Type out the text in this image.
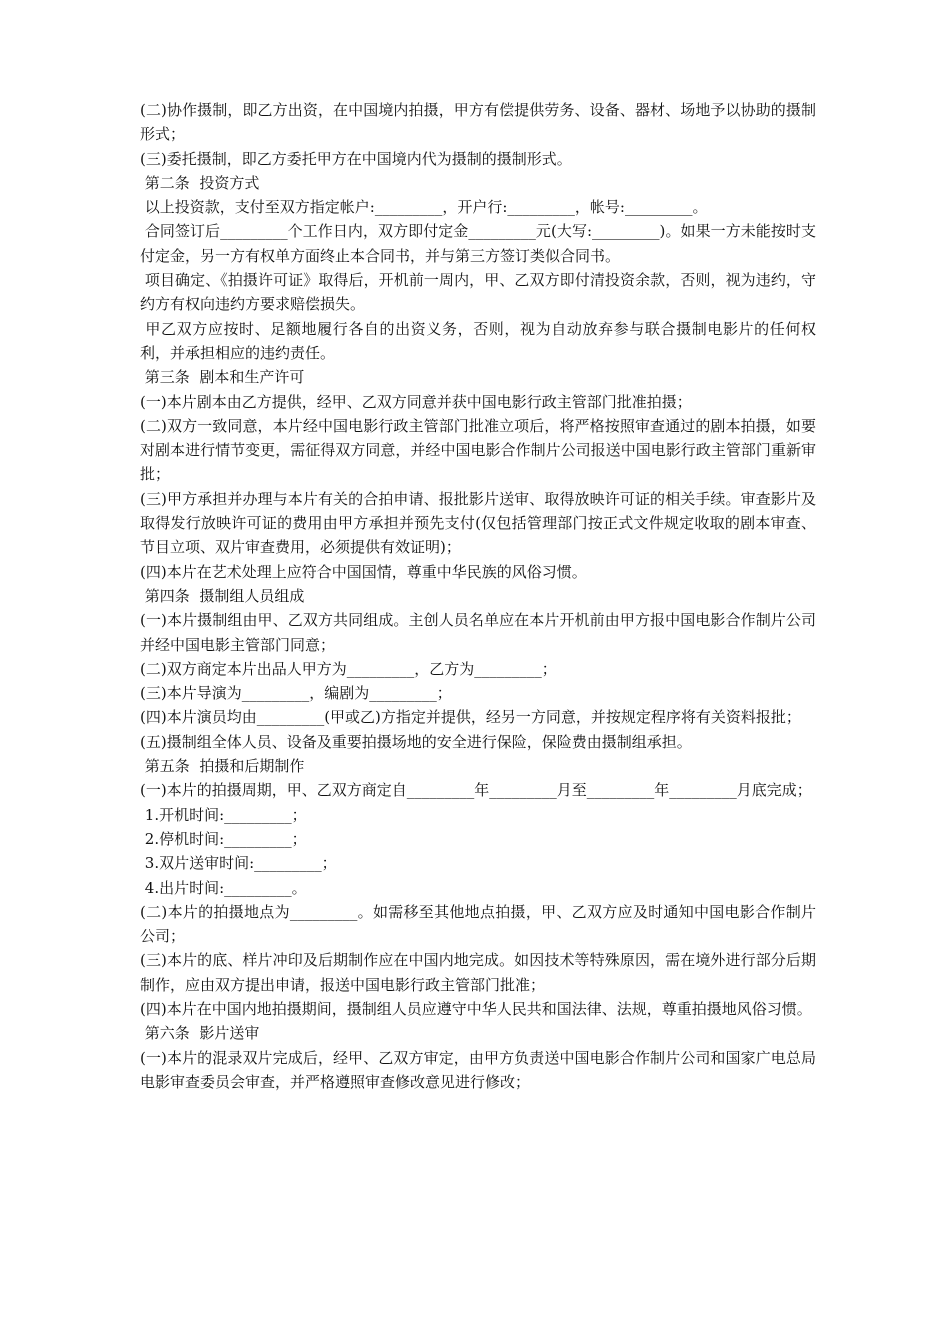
(二)协作摄制，即乙方出资，在中国境内拍摄，甲方有偿提供劳务、设备、器材、场地予以协助的摄制形式；

(三)委托摄制，即乙方委托甲方在中国境内代为摄制的摄制形式。

第二条  投资方式

以上投资款，支付至双方指定帐户:_________，开户行:_________，帐号:_________。

合同签订后_________个工作日内，双方即付定金_________元(大写:_________)。如果一方未能按时支付定金，另一方有权单方面终止本合同书，并与第三方签订类似合同书。

项目确定、《拍摄许可证》取得后，开机前一周内，甲、乙双方即付清投资余款，否则，视为违约，守约方有权向违约方要求赔偿损失。

甲乙双方应按时、足额地履行各自的出资义务，否则，视为自动放弃参与联合摄制电影片的任何权利，并承担相应的违约责任。

第三条  剧本和生产许可

(一)本片剧本由乙方提供，经甲、乙双方同意并获中国电影行政主管部门批准拍摄；

(二)双方一致同意，本片经中国电影行政主管部门批准立项后，将严格按照审查通过的剧本拍摄，如要对剧本进行情节变更，需征得双方同意，并经中国电影合作制片公司报送中国电影行政主管部门重新审批；

(三)甲方承担并办理与本片有关的合拍申请、报批影片送审、取得放映许可证的相关手续。审查影片及取得发行放映许可证的费用由甲方承担并预先支付(仅包括管理部门按正式文件规定收取的剧本审查、节目立项、双片审查费用，必须提供有效证明)；

(四)本片在艺术处理上应符合中国国情，尊重中华民族的风俗习惯。

第四条  摄制组人员组成

(一)本片摄制组由甲、乙双方共同组成。主创人员名单应在本片开机前由甲方报中国电影合作制片公司并经中国电影主管部门同意；

(二)双方商定本片出品人甲方为_________，乙方为_________；

(三)本片导演为_________，编剧为_________；

(四)本片演员均由_________(甲或乙)方指定并提供，经另一方同意，并按规定程序将有关资料报批；

(五)摄制组全体人员、设备及重要拍摄场地的安全进行保险，保险费由摄制组承担。

第五条  拍摄和后期制作

(一)本片的拍摄周期，甲、乙双方商定自_________年_________月至_________年_________月底完成；

1.开机时间:_________；

2.停机时间:_________；

3.双片送审时间:_________；

4.出片时间:_________。

(二)本片的拍摄地点为_________。如需移至其他地点拍摄，甲、乙双方应及时通知中国电影合作制片公司；

(三)本片的底、样片冲印及后期制作应在中国内地完成。如因技术等特殊原因，需在境外进行部分后期制作，应由双方提出申请，报送中国电影行政主管部门批准；

(四)本片在中国内地拍摄期间，摄制组人员应遵守中华人民共和国法律、法规，尊重拍摄地风俗习惯。

第六条  影片送审

(一)本片的混录双片完成后，经甲、乙双方审定，由甲方负责送中国电影合作制片公司和国家广电总局电影审查委员会审查，并严格遵照审查修改意见进行修改；
